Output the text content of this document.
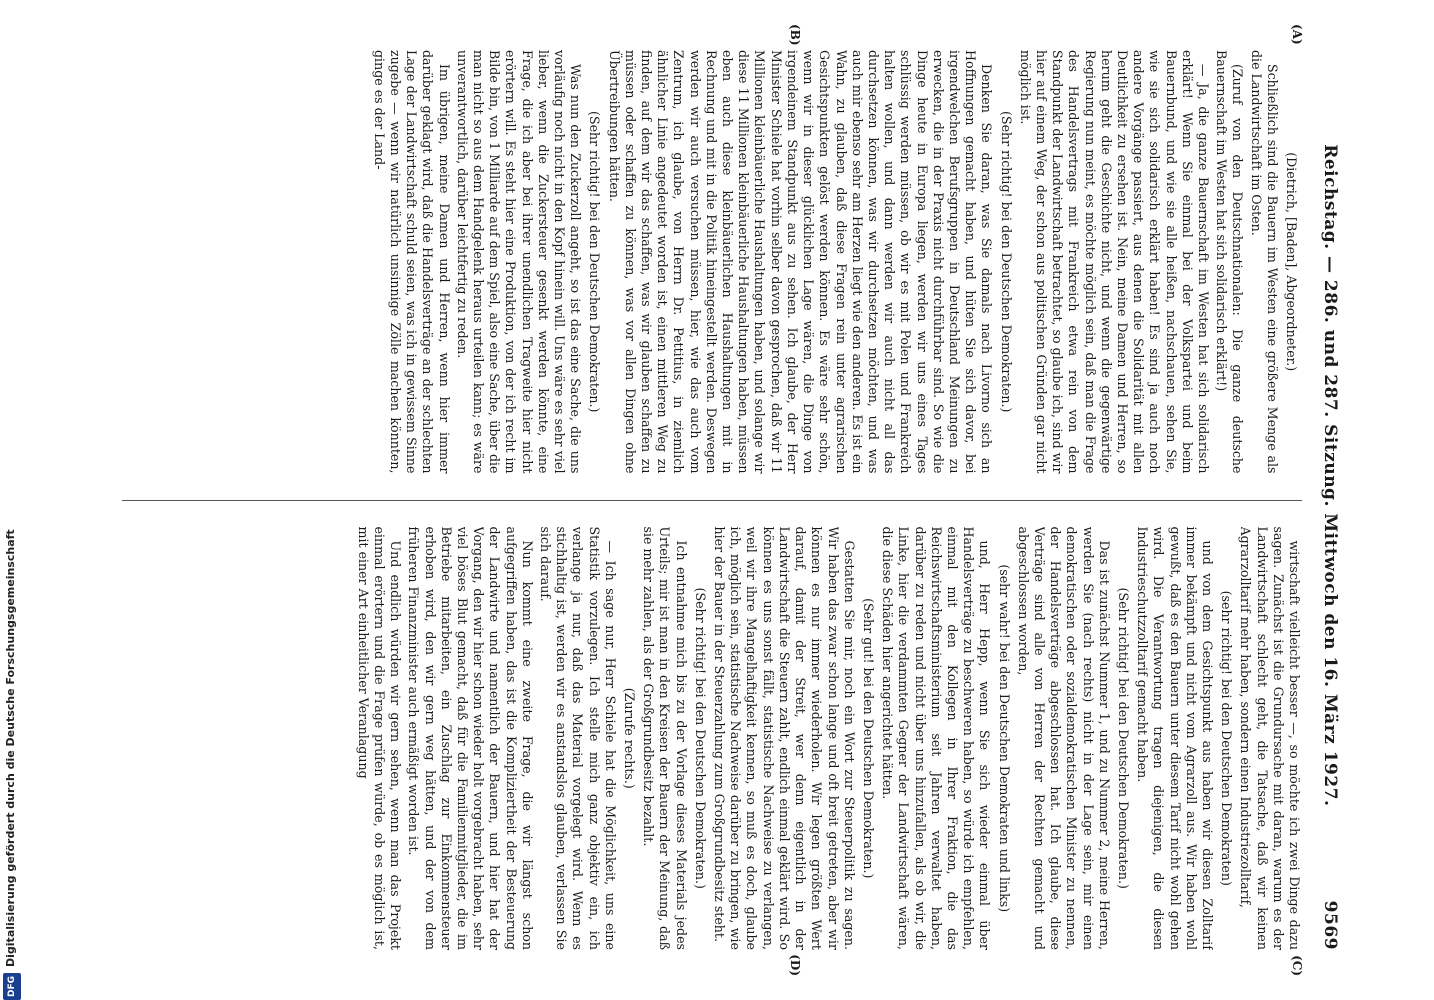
(A)
(B)
(C)
(D)
Reichstag. — 286. und 287. Sitzung. Mittwoch den 16. März 1927.
9569

(Dietrich, [Baden], Abgeordneter.)

Schließlich sind die Bauern im Westen eine größere Menge als die Landwirtschaft im Osten.

(Zuruf von den Deutschnationalen: Die ganze deutsche Bauernschaft im Westen hat sich solidarisch erklärt!)

— Ja, die ganze Bauernschaft im Westen hat sich solidarisch erklärt! Wenn Sie einmal bei der Volkspartei und beim Bauernbund, und wie sie alle heißen, nachschauen, sehen Sie, wie sie sich solidarisch erklärt haben! Es sind ja auch noch andere Vorgänge passiert, aus denen die Solidarität mit allen Deutlichkeit zu ersehen ist. Nein, meine Damen und Herren, so herum geht die Geschichte nicht, und wenn die gegenwärtige Regierung nun meint, es möchte möglich sein, daß man die Frage des Handelsvertrags mit Frankreich etwa rein von dem Standpunkt der Landwirtschaft betrachtet, so glaube ich, sind wir hier auf einem Weg, der schon aus politischen Gründen gar nicht möglich ist.

(Sehr richtig! bei den Deutschen Demokraten.)

Denken Sie daran, was Sie damals nach Livorno sich an Hoffnungen gemacht haben, und hüten Sie sich davor, bei irgendwelchen Berufsgruppen in Deutschland Meinungen zu erwecken, die in der Praxis nicht durchführbar sind. So wie die Dinge heute in Europa liegen, werden wir uns eines Tages schlüssig werden müssen, ob wir es mit Polen und Frankreich halten wollen, und dann werden wir auch nicht all das durchsetzen können, was wir durchsetzen möchten, und was auch mir ebenso sehr am Herzen liegt wie den anderen. Es ist ein Wahn, zu glauben, daß diese Fragen rein unter agrarischen Gesichtspunkten gelöst werden können. Es wäre sehr schön, wenn wir in dieser glücklichen Lage wären, die Dinge von irgendeinem Standpunkt aus zu sehen. Ich glaube, der Herr Minister Schiele hat vorhin selber davon gesprochen, daß wir 11 Millionen kleinbäuerliche Haushaltungen haben, und solange wir diese 11 Millionen kleinbäuerliche Haushaltungen haben, müssen eben auch diese kleinbäuerlichen Haushaltungen mit in Rechnung und mit in die Politik hineingestellt werden. Deswegen werden wir auch versuchen müssen, hier, wie das auch vom Zentrum, ich glaube, von Herrn Dr. Pettitius, in ziemlich ähnlicher Linie angedeutet worden ist, einen mittleren Weg zu finden, auf dem wir das schaffen, was wir glauben schaffen zu müssen oder schaffen zu können, was vor allen Dingen ohne Übertreibungen hätten.

(Sehr richtig! bei den Deutschen Demokraten.)

Was nun den Zuckerzoll angeht, so ist das eine Sache, die uns vorläufig noch nicht in den Kopf hinein will. Uns wäre es sehr viel lieber, wenn die Zuckersteuer gesenkt werden könnte, eine Frage, die ich aber bei ihrer unendlichen Tragweite hier nicht erörtern will. Es steht hier eine Produktion, von der ich recht im Bilde bin, von 1 Milliarde auf dem Spiel, also eine Sache, über die man nicht so aus dem Handgelenk heraus urteilen kann; es wäre unverantwortlich, darüber leichtfertig zu reden.

Im übrigen, meine Damen und Herren, wenn hier immer darüber geklagt wird, daß die Handelsverträge an der schlechten Lage der Landwirtschaft schuld seien, was ich in gewissem Sinne zugebe — wenn wir natürlich unsinnige Zölle machen könnten, ginge es der Land-

wirtschaft vielleicht besser —, so möchte ich zwei Dinge dazu sagen. Zunächst ist die Grundursache mit daran, warum es der Landwirtschaft schlecht geht, die Tatsache, daß wir keinen Agrarzolltarif mehr haben, sondern einen Industriezolltarif,

(sehr richtig! bei den Deutschen Demokraten)

und von dem Gesichtspunkt aus haben wir diesen Zolltarif immer bekämpft und nicht vom Agrarzoll aus. Wir haben wohl gewußt, daß es den Bauern unter diesem Tarif nicht wohl gehen wird. Die Verantwortung tragen diejenigen, die diesen Industrieschutzzolltarif gemacht haben.

(Sehr richtig! bei den Deutschen Demokraten.)

Das ist zunächst Nummer 1, und zu Nummer 2, meine Herren, werden Sie (nach rechts) nicht in der Lage sein, mir einen demokratischen oder sozialdemokratischen Minister zu nennen, der Handelsverträge abgeschlossen hat. Ich glaube, diese Verträge sind alle von Herren der Rechten gemacht und abgeschlossen worden,

(sehr wahr! bei den Deutschen Demokraten und links)

und, Herr Hepp, wenn Sie sich wieder einmal über Handelsverträge zu beschweren haben, so würde ich empfehlen, einmal mit den Kollegen in Ihrer Fraktion, die das Reichswirtschaftsministerium seit Jahren verwaltet haben, darüber zu reden und nicht über uns hinzufallen, als ob wir, die Linke, hier die verdammten Gegner der Landwirtschaft wären, die diese Schäden hier angerichtet hätten.

(Sehr gut! bei den Deutschen Demokraten.)

Gestatten Sie mir, noch ein Wort zur Steuerpolitik zu sagen. Wir haben das zwar schon lange und oft breit getreten, aber wir können es nur immer wiederholen. Wir legen größten Wert darauf, damit der Streit, wer denn eigentlich in der Landwirtschaft die Steuern zahlt, endlich einmal geklärt wird. So können es uns sonst fällt, statistische Nachweise zu verlangen, weil wir ihre Mangelhaftigkeit kennen, so muß es doch, glaube ich, möglich sein, statistische Nachweise darüber zu bringen, wie hier der Bauer in der Steuerzahlung zum Großgrundbesitz steht.

(Sehr richtig! bei den Deutschen Demokraten.)

Ich entnahme mich bis zu der Vorlage dieses Materials jedes Urteils; mir ist man in den Kreisen der Bauern der Meinung, daß sie mehr zahlen, als der Großgrundbesitz bezahlt.

(Zurufe rechts.)

— Ich sage nur, Herr Schiele hat die Möglichkeit, uns eine Statistik vorzulegen. Ich stelle mich ganz objektiv ein, ich verlange ja nur, daß das Material vorgelegt wird. Wenn es stichhaltig ist, werden wir es anstandslos glauben, verlassen Sie sich darauf.

Nun kommt eine zweite Frage, die wir längst schon aufgegriffen haben, das ist die Kompliziertheit der Besteuerung der Landwirte und namentlich der Bauern, und hier hat der Vorgang, den wir hier schon wieder holt vorgebracht haben, sehr viel böses Blut gemacht, daß für die Familienmitglieder, die im Betriebe mitarbeiten, ein Zuschlag zur Einkommensteuer erhoben wird, den wir gern weg hätten, und der von dem früheren Finanzminister auch ermäßigt worden ist.

Und endlich würden wir gern sehen, wenn man das Projekt einmal erörtern und die Frage prüfen würde, ob es möglich ist, mit einer Art einheitlicher Veranlagung

DFGDigitalisierung gefördert durch die Deutsche Forschungsgemeinschaft
